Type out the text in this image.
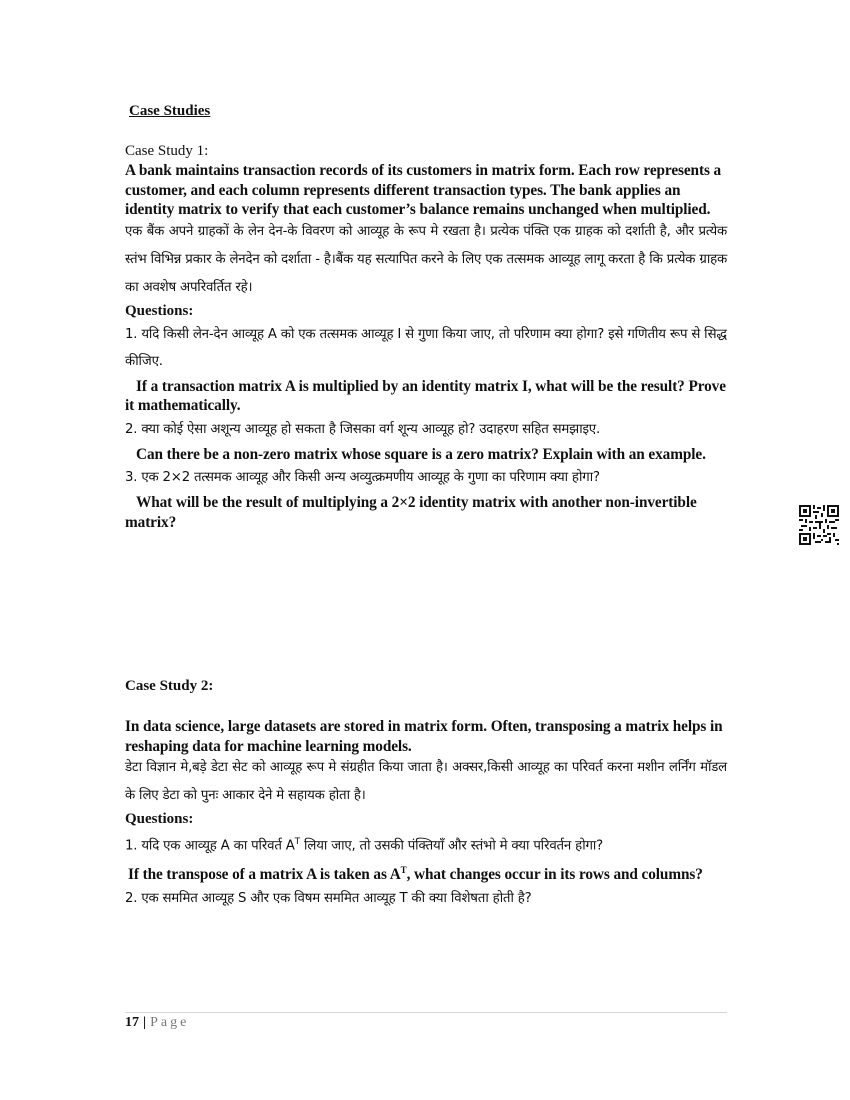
Case Studies

Case Study 1:

A bank maintains transaction records of its customers in matrix form. Each row represents a customer, and each column represents different transaction types. The bank applies an identity matrix to verify that each customer’s balance remains unchanged when multiplied.

एक बैंक अपने ग्राहकों के लेन देन-के विवरण को आव्यूह के रूप मे रखता है। प्रत्येक पंक्ति एक ग्राहक को दर्शाती है, और प्रत्येक स्तंभ विभिन्न प्रकार के लेनदेन को दर्शाता - है।बैंक यह सत्यापित करने के लिए एक तत्समक आव्यूह लागू करता है कि प्रत्येक ग्राहक का अवशेष अपरिवर्तित रहे।

Questions:

1. यदि किसी लेन-देन आव्यूह A को एक तत्समक आव्यूह I से गुणा किया जाए, तो परिणाम क्या होगा? इसे गणितीय रूप से सिद्ध कीजिए.

If a transaction matrix A is multiplied by an identity matrix I, what will be the result? Prove it mathematically.

2. क्या कोई ऐसा अशून्य आव्यूह हो सकता है जिसका वर्ग शून्य आव्यूह हो? उदाहरण सहित समझाइए.

Can there be a non-zero matrix whose square is a zero matrix? Explain with an example.

3. एक 2×2 तत्समक आव्यूह और किसी अन्य अव्युत्क्रमणीय आव्यूह के गुणा का परिणाम क्या होगा?

What will be the result of multiplying a 2×2 identity matrix with another non-invertible matrix?

Case Study 2:

In data science, large datasets are stored in matrix form. Often, transposing a matrix helps in reshaping data for machine learning models.

डेटा विज्ञान मे,बड़े डेटा सेट को आव्यूह रूप मे संग्रहीत किया जाता है। अक्सर,किसी आव्यूह का परिवर्त करना मशीन लर्निंग मॉडल के लिए डेटा को पुनः आकार देने मे सहायक होता है।

Questions:

1. यदि एक आव्यूह A का परिवर्त $A^T$ लिया जाए, तो उसकी पंक्तियाँ और स्तंभो मे क्या परिवर्तन होगा?

If the transpose of a matrix A is taken as $A^T$, what changes occur in its rows and columns?

2. एक सममित आव्यूह S और एक विषम सममित आव्यूह T की क्या विशेषता होती है?

17 | Page
